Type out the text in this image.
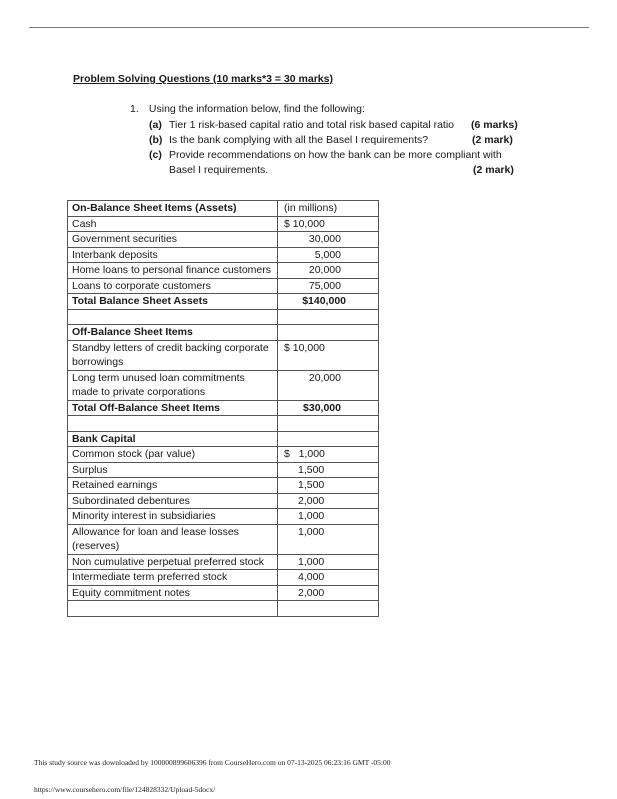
Problem Solving Questions (10 marks*3 = 30 marks)
1. Using the information below, find the following:
(a) Tier 1 risk-based capital ratio and total risk based capital ratio (6 marks)
(b) Is the bank complying with all the Basel I requirements?	(2 mark)
(c) Provide recommendations on how the bank can be more compliant with
Basel I requirements.	(2 mark)
On-Balance Sheet Items (Assets)	(in millions)
Cash	$ 10,000
Government securities	30,000
Interbank deposits	5,000
Home loans to personal finance customers	20,000
Loans to corporate customers	75,000
Total Balance Sheet Assets	$140,000

Off-Balance Sheet Items	
Standby letters of credit backing corporate borrowings	$ 10,000
Long term unused loan commitments made to private corporations	20,000
Total Off-Balance Sheet Items	$30,000

Bank Capital	
Common stock (par value)	$   1,000
Surplus	1,500
Retained earnings	1,500
Subordinated debentures	2,000
Minority interest in subsidiaries	1,000
Allowance for loan and lease losses (reserves)	1,000
Non cumulative perpetual preferred stock	1,000
Intermediate term preferred stock	4,000
Equity commitment notes	2,000

This study source was downloaded by 100000899606396 from CourseHero.com on 07-13-2025 06:23:16 GMT -05:00
https://www.coursehero.com/file/124828332/Upload-5docx/
